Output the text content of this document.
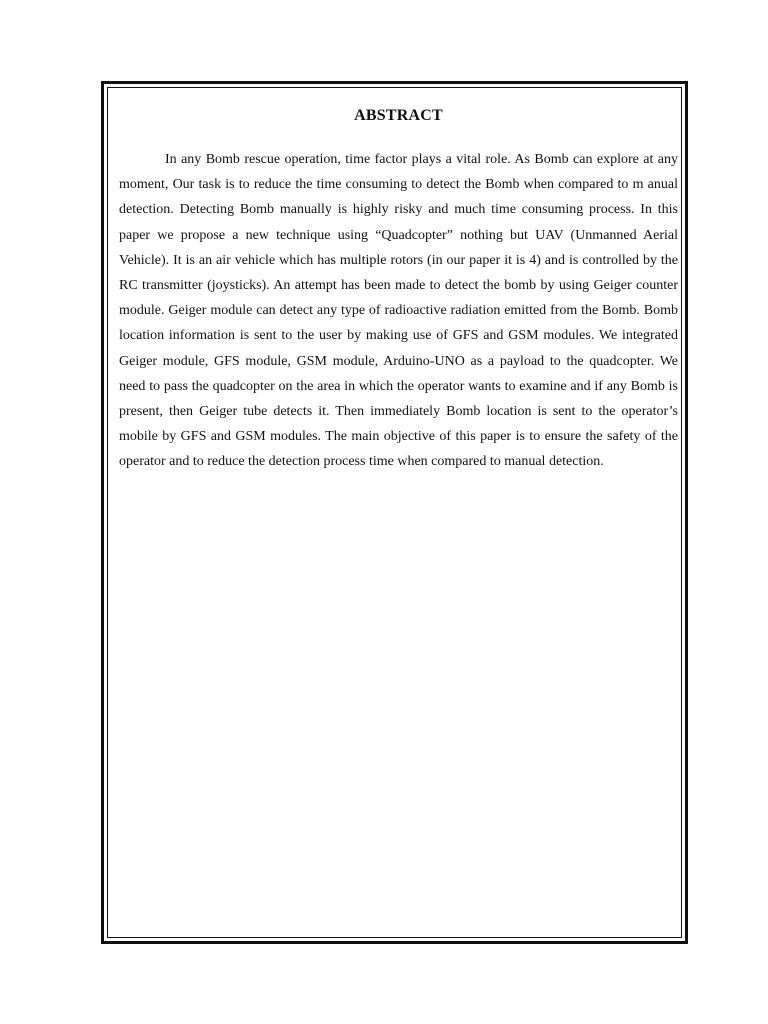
ABSTRACT

In any Bomb rescue operation, time factor plays a vital role. As Bomb can explore at any moment, Our task is to reduce the time consuming to detect the Bomb when compared to m anual detection. Detecting Bomb manually is highly risky and much time consuming process. In this paper we propose a new technique using “Quadcopter” nothing but UAV (Unmanned Aerial Vehicle). It is an air vehicle which has multiple rotors (in our paper it is 4) and is controlled by the RC transmitter (joysticks). An attempt has been made to detect the bomb by using Geiger counter module. Geiger module can detect any type of radioactive radiation emitted from the Bomb. Bomb location information is sent to the user by making use of GFS and GSM modules. We integrated Geiger module, GFS module, GSM module, Arduino-UNO as a payload to the quadcopter. We need to pass the quadcopter on the area in which the operator wants to examine and if any Bomb is present, then Geiger tube detects it. Then immediately Bomb location is sent to the operator’s mobile by GFS and GSM modules. The main objective of this paper is to ensure the safety of the operator and to reduce the detection process time when compared to manual detection.
